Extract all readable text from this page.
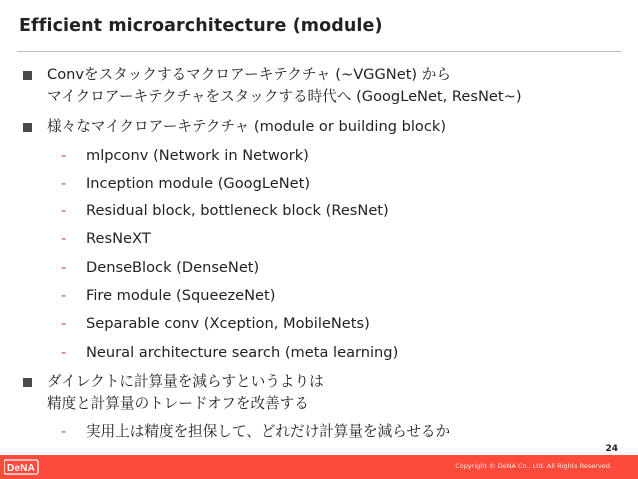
Efficient microarchitecture (module)
Convをスタックするマクロアーキテクチャ (~VGGNet) から
マイクロアーキテクチャをスタックする時代へ (GoogLeNet, ResNet~)
様々なマイクロアーキテクチャ (module or building block)
- mlpconv (Network in Network)
- Inception module (GoogLeNet)
- Residual block, bottleneck block (ResNet)
- ResNeXT
- DenseBlock (DenseNet)
- Fire module (SqueezeNet)
- Separable conv (Xception, MobileNets)
- Neural architecture search (meta learning)
ダイレクトに計算量を減らすというよりは
精度と計算量のトレードオフを改善する
- 実用上は精度を担保して、どれだけ計算量を減らせるか
24
DeNA	Copyright © DeNA Co., Ltd. All Rights Reserved.
